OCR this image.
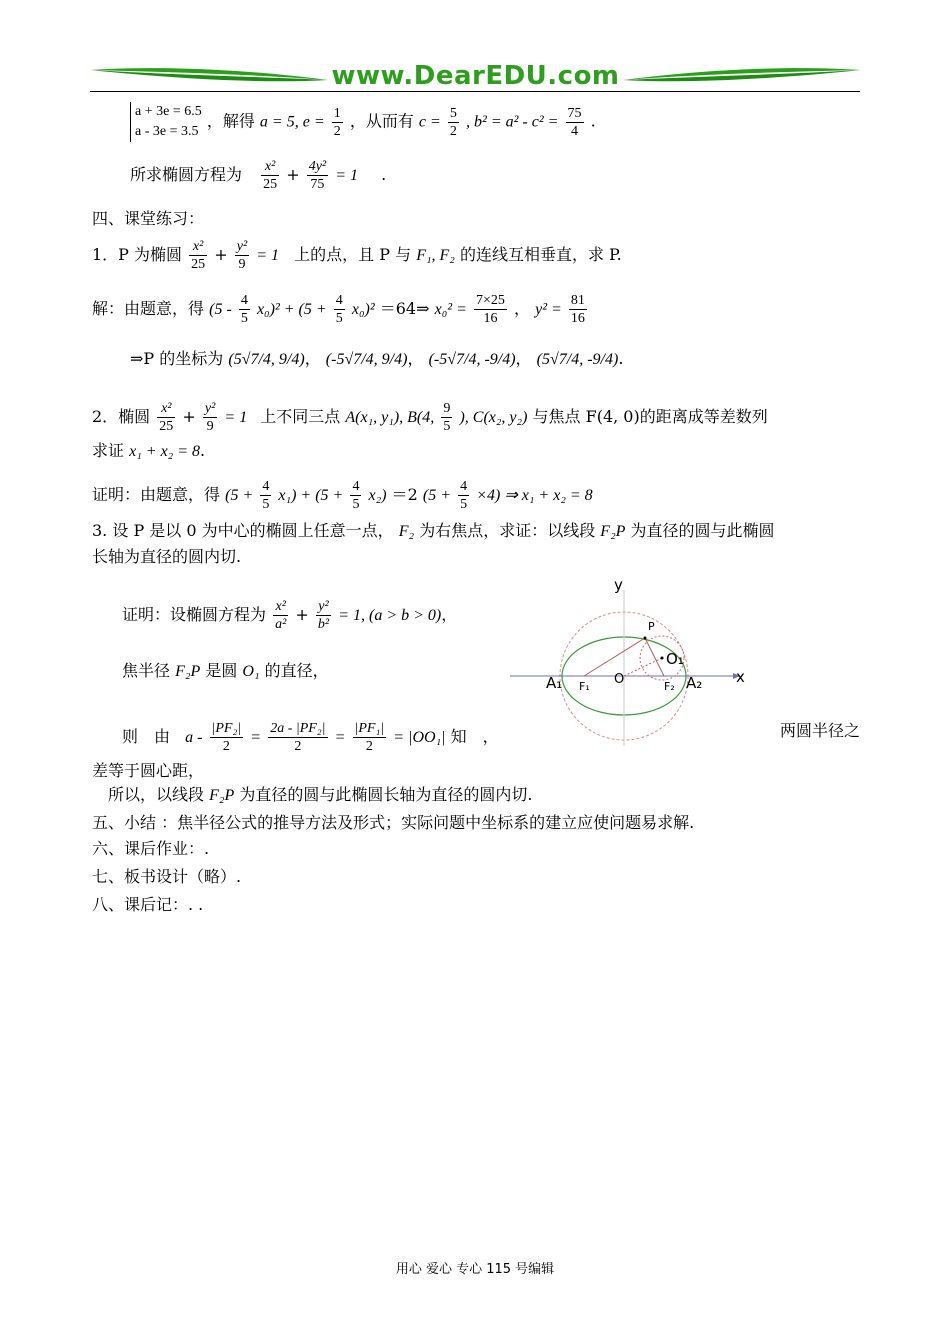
www.DearEDU.com
a + 3e = 6.5
a - 3e = 3.5
，解得 a = 5, $e = \frac{1}{2}$ ，从而有 $c = \frac{5}{2}$ , $b^2 = a^2 - c^2 = \frac{75}{4}$ .
所求椭圆方程为 $\frac{\text{x²}}{25} + \frac{\text{4y²}}{75} = 1$ .
四、课堂练习：
1．P 为椭圆 $\frac{\text{x²}}{25} + \frac{\text{y²}}{9} = 1$ 上的点，且 P 与 F₁, F₂ 的连线互相垂直，求 P.
解：由题意，得 $(5 - \frac{4}{5} x_0)^2 + (5 + \frac{4}{5} x_0)^2$ ＝64⇒ $x_0^2 = \frac{7\times 25}{16}$ ， $y^2 = \frac{81}{16}$
⇒P 的坐标为 (5√7/4, 9/4)， (-5√7/4, 9/4)， (-5√7/4, -9/4)， (5√7/4, -9/4).
2．椭圆 $\frac{\text{x²}}{25} + \frac{\text{y²}}{9} = 1$ 上不同三点 A(x₁, y₁), B(4, $\frac{9}{5}$ ), C(x₂, y₂) 与焦点 F(4, 0)的距离成等差数列
求证 x₁ + x₂ = 8.
证明：由题意，得 $(5 + \frac{4}{5} x_1) + (5 + \frac{4}{5} x_2) =2$ $(5 + \frac{4}{5} \times 4)$ ⇒ x₁ + x₂ = 8
3. 设 P 是以 0 为中心的椭圆上任意一点， F₂ 为右焦点，求证：以线段 F₂P 为直径的圆与此椭圆
长轴为直径的圆内切.
证明：设椭圆方程为 $\frac{\text{x²}}{\text{a²}} + \frac{\text{y²}}{\text{b²}} = 1$, (a > b > 0)，
焦半径 F₂P 是圆 O₁ 的直径，
则　由 $a - \frac{\text{|PF₂|}}{2} = \frac{\text{2a - |PF₂|}}{2} = \frac{\text{|PF₁|}}{2} = |OO_1|$ 知　，	两圆半径之
差等于圆心距，
所以，以线段 F₂P 为直径的圆与此椭圆长轴为直径的圆内切.
五、小结 ：焦半径公式的推导方法及形式；实际问题中坐标系的建立应使问题易求解.
六、课后作业：.
七、板书设计（略）.
八、课后记：. .
y
x
P
O₁
A₁ F₁ O	F₂ A₂
用心 爱心 专心 115 号编辑
